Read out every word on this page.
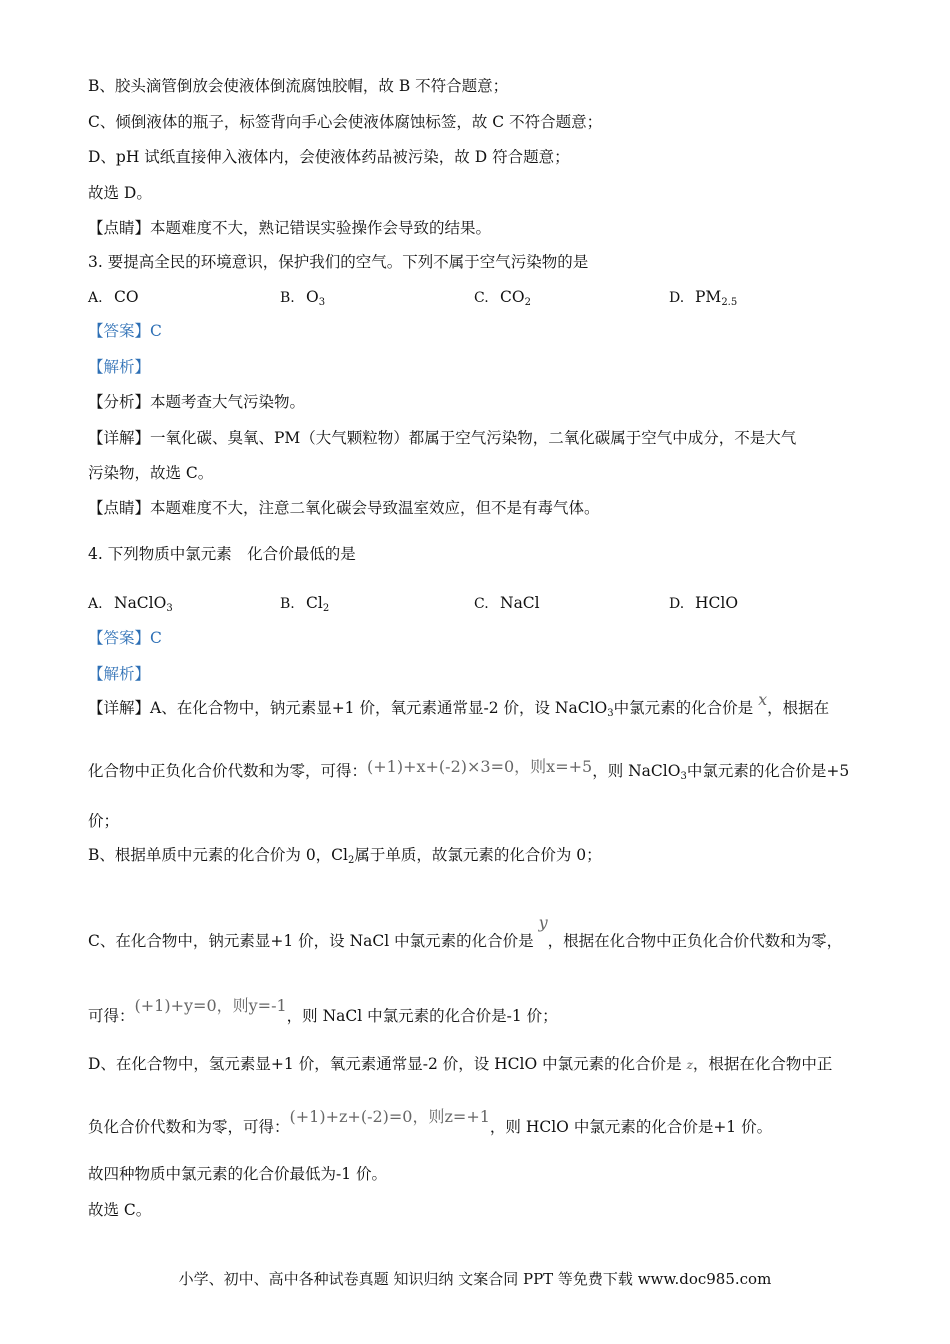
B、胶头滴管倒放会使液体倒流腐蚀胶帽，故 B 不符合题意；
C、倾倒液体的瓶子，标签背向手心会使液体腐蚀标签，故 C 不符合题意；
D、pH 试纸直接伸入液体内，会使液体药品被污染，故 D 符合题意；
故选 D。
【点睛】本题难度不大，熟记错误实验操作会导致的结果。
3. 要提高全民的环境意识，保护我们的空气。下列不属于空气污染物的是
A. CO	B. $O_3$	C. $CO_2$	D. $PM_{2.5}$
【答案】C
【解析】
【分析】本题考查大气污染物。
【详解】一氧化碳、臭氧、PM（大气颗粒物）都属于空气污染物，二氧化碳属于空气中成分，不是大气
污染物，故选 C。
【点睛】本题难度不大，注意二氧化碳会导致温室效应，但不是有毒气体。
4. 下列物质中氯元素　化合价最低的是
A. NaClO$_3$	B. $Cl_2$	C. NaCl	D. HClO
【答案】C
【解析】
【详解】A、在化合物中，钠元素显+1 价，氧元素通常显-2 价，设 NaClO$_3$中氯元素的化合价是 x，根据在
化合物中正负化合价代数和为零，可得：(+1)+x+(-2)×3=0，则x=+5，则 NaClO$_3$中氯元素的化合价是+5
价；
B、根据单质中元素的化合价为 0，$Cl_2$属于单质，故氯元素的化合价为 0；
C、在化合物中，钠元素显+1 价，设 NaCl 中氯元素的化合价是 y，根据在化合物中正负化合价代数和为零，
可得：(+1)+y=0，则y=-1，则 NaCl 中氯元素的化合价是-1 价；
D、在化合物中，氢元素显+1 价，氧元素通常显-2 价，设 HClO 中氯元素的化合价是 z，根据在化合物中正
负化合价代数和为零，可得：(+1)+z+(-2)=0，则z=+1，则 HClO 中氯元素的化合价是+1 价。
故四种物质中氯元素的化合价最低为-1 价。
故选 C。
小学、初中、高中各种试卷真题 知识归纳 文案合同 PPT 等免费下载 www.doc985.com
